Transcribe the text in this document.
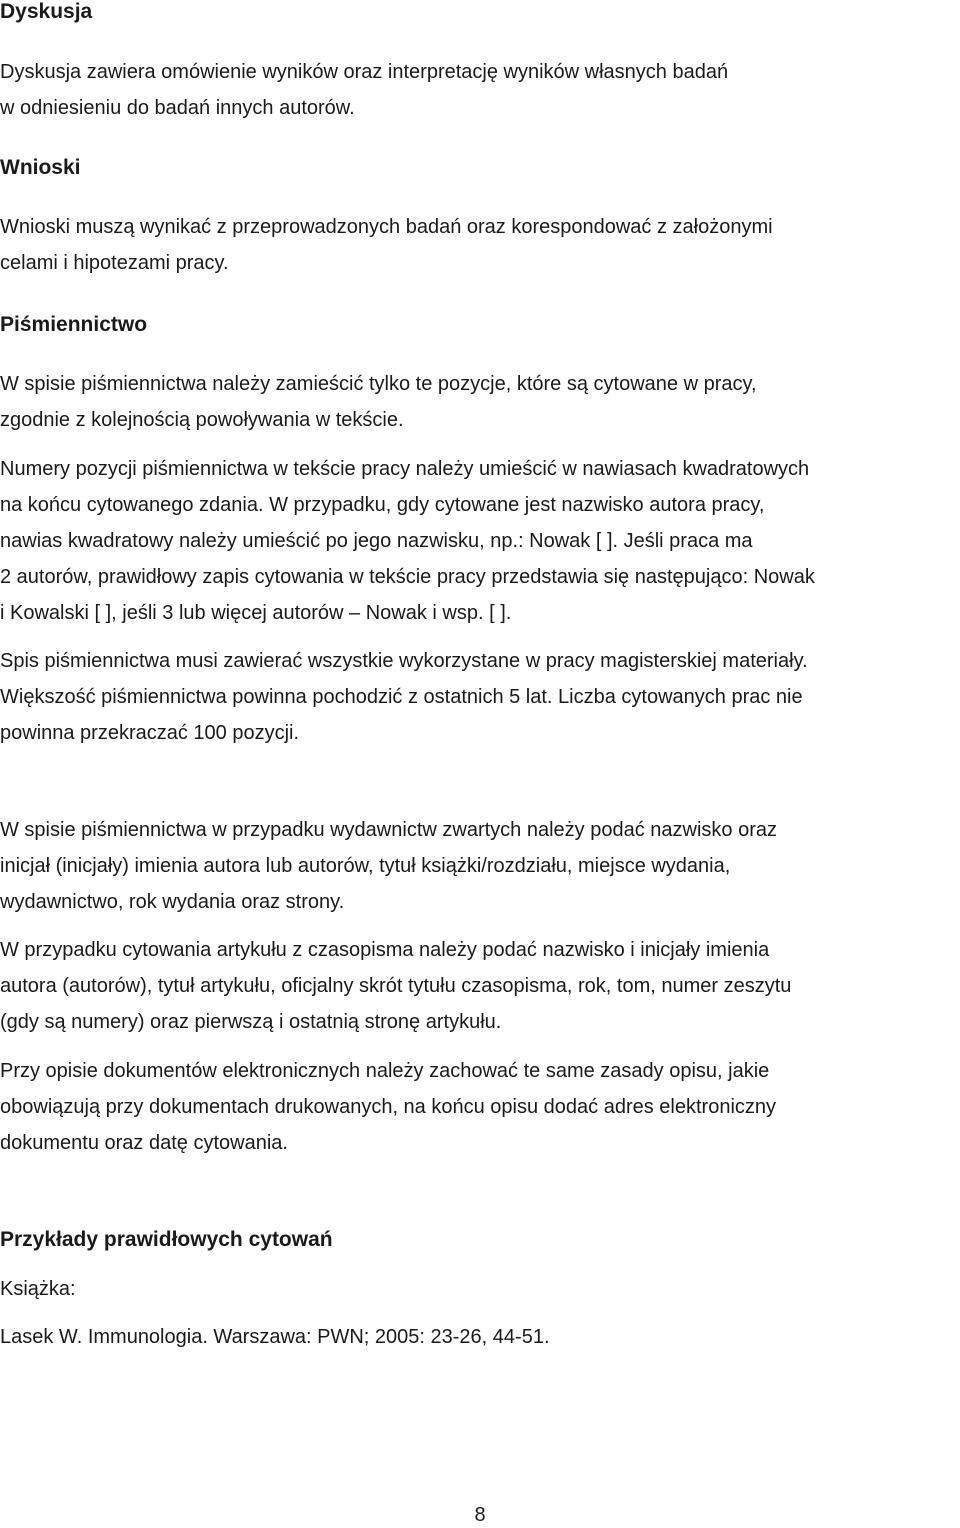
Dyskusja
Dyskusja zawiera omówienie wyników oraz interpretację wyników własnych badań
w odniesieniu do badań innych autorów.
Wnioski
Wnioski muszą wynikać z przeprowadzonych badań oraz korespondować z założonymi
celami i hipotezami pracy.
Piśmiennictwo
W spisie piśmiennictwa należy zamieścić tylko te pozycje, które są cytowane w pracy,
zgodnie z kolejnością powoływania w tekście.
Numery pozycji piśmiennictwa w tekście pracy należy umieścić w nawiasach kwadratowych
na końcu cytowanego zdania. W przypadku, gdy cytowane jest nazwisko autora pracy,
nawias kwadratowy należy umieścić po jego nazwisku, np.: Nowak [ ]. Jeśli praca ma
2 autorów, prawidłowy zapis cytowania w tekście pracy przedstawia się następująco: Nowak
i Kowalski [ ], jeśli 3 lub więcej autorów – Nowak i wsp. [ ].
Spis piśmiennictwa musi zawierać wszystkie wykorzystane w pracy magisterskiej materiały.
Większość piśmiennictwa powinna pochodzić z ostatnich 5 lat. Liczba cytowanych prac nie
powinna przekraczać 100 pozycji.
W spisie piśmiennictwa w przypadku wydawnictw zwartych należy podać nazwisko oraz
inicjał (inicjały) imienia autora lub autorów, tytuł książki/rozdziału, miejsce wydania,
wydawnictwo, rok wydania oraz strony.
W przypadku cytowania artykułu z czasopisma należy podać nazwisko i inicjały imienia
autora (autorów), tytuł artykułu, oficjalny skrót tytułu czasopisma, rok, tom, numer zeszytu
(gdy są numery) oraz pierwszą i ostatnią stronę artykułu.
Przy opisie dokumentów elektronicznych należy zachować te same zasady opisu, jakie
obowiązują przy dokumentach drukowanych, na końcu opisu dodać adres elektroniczny
dokumentu oraz datę cytowania.
Przykłady prawidłowych cytowań
Książka:
Lasek W. Immunologia. Warszawa: PWN; 2005: 23-26, 44-51.
8
